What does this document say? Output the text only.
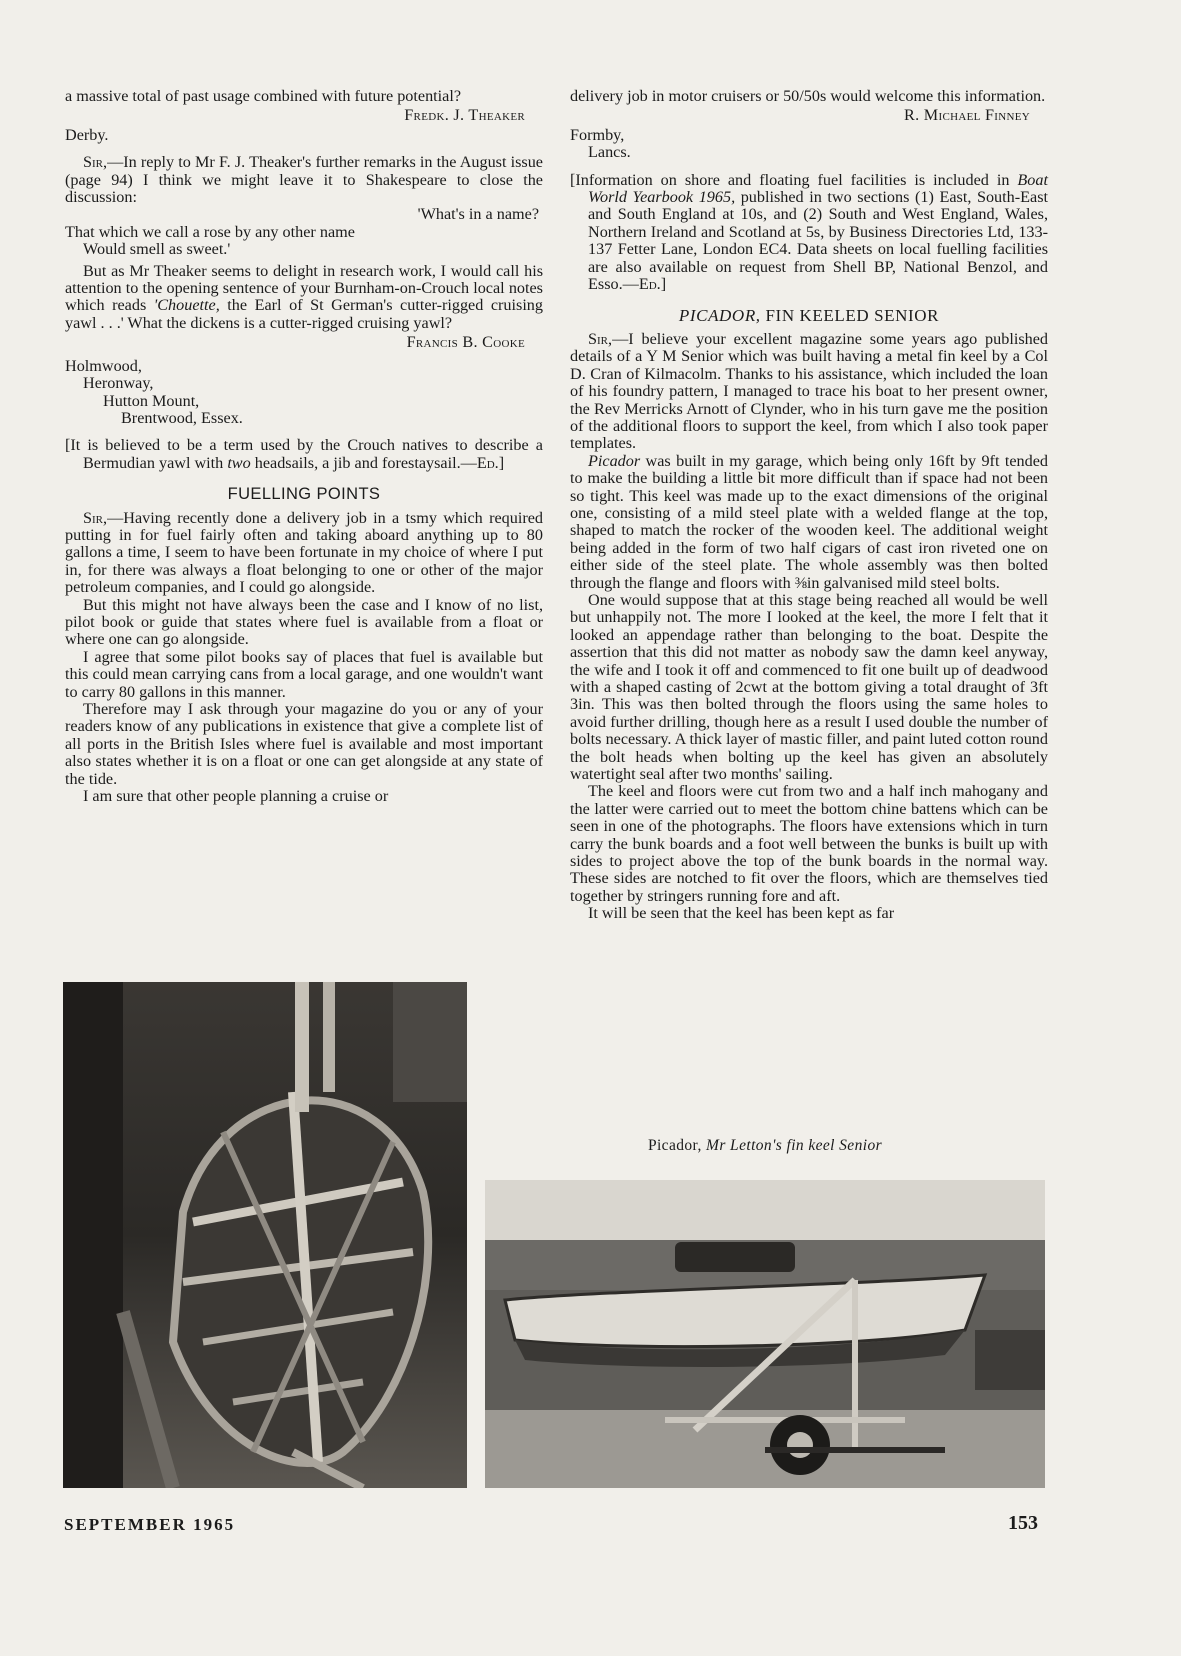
a massive total of past usage combined with future potential?

Fredk. J. Theaker
Derby.

Sir,—In reply to Mr F. J. Theaker's further remarks in the August issue (page 94) I think we might leave it to Shakespeare to close the discussion:

'What's in a name?
That which we call a rose by any other name
Would smell as sweet.'

But as Mr Theaker seems to delight in research work, I would call his attention to the opening sentence of your Burnham-on-Crouch local notes which reads 'Chouette, the Earl of St German's cutter-rigged cruising yawl . . .' What the dickens is a cutter-rigged cruising yawl?

Francis B. Cooke
Holmwood,
Heronway,
Hutton Mount,
Brentwood, Essex.

[It is believed to be a term used by the Crouch natives to describe a Bermudian yawl with two headsails, a jib and forestaysail.—Ed.]

FUELLING POINTS

Sir,—Having recently done a delivery job in a tsmy which required putting in for fuel fairly often and taking aboard anything up to 80 gallons a time, I seem to have been fortunate in my choice of where I put in, for there was always a float belonging to one or other of the major petroleum companies, and I could go alongside.

But this might not have always been the case and I know of no list, pilot book or guide that states where fuel is available from a float or where one can go alongside.

I agree that some pilot books say of places that fuel is available but this could mean carrying cans from a local garage, and one wouldn't want to carry 80 gallons in this manner.

Therefore may I ask through your magazine do you or any of your readers know of any publications in existence that give a complete list of all ports in the British Isles where fuel is available and most important also states whether it is on a float or one can get alongside at any state of the tide.

I am sure that other people planning a cruise or

delivery job in motor cruisers or 50/50s would welcome this information.

R. Michael Finney
Formby,
Lancs.

[Information on shore and floating fuel facilities is included in Boat World Yearbook 1965, published in two sections (1) East, South-East and South England at 10s, and (2) South and West England, Wales, Northern Ireland and Scotland at 5s, by Business Directories Ltd, 133-137 Fetter Lane, London EC4. Data sheets on local fuelling facilities are also available on request from Shell BP, National Benzol, and Esso.—Ed.]

PICADOR, FIN KEELED SENIOR

Sir,—I believe your excellent magazine some years ago published details of a Y M Senior which was built having a metal fin keel by a Col D. Cran of Kilmacolm. Thanks to his assistance, which included the loan of his foundry pattern, I managed to trace his boat to her present owner, the Rev Merricks Arnott of Clynder, who in his turn gave me the position of the additional floors to support the keel, from which I also took paper templates.

Picador was built in my garage, which being only 16ft by 9ft tended to make the building a little bit more difficult than if space had not been so tight. This keel was made up to the exact dimensions of the original one, consisting of a mild steel plate with a welded flange at the top, shaped to match the rocker of the wooden keel. The additional weight being added in the form of two half cigars of cast iron riveted one on either side of the steel plate. The whole assembly was then bolted through the flange and floors with ⅜in galvanised mild steel bolts.

One would suppose that at this stage being reached all would be well but unhappily not. The more I looked at the keel, the more I felt that it looked an appendage rather than belonging to the boat. Despite the assertion that this did not matter as nobody saw the damn keel anyway, the wife and I took it off and commenced to fit one built up of deadwood with a shaped casting of 2cwt at the bottom giving a total draught of 3ft 3in. This was then bolted through the floors using the same holes to avoid further drilling, though here as a result I used double the number of bolts necessary. A thick layer of mastic filler, and paint luted cotton round the bolt heads when bolting up the keel has given an absolutely watertight seal after two months' sailing.

The keel and floors were cut from two and a half inch mahogany and the latter were carried out to meet the bottom chine battens which can be seen in one of the photographs. The floors have extensions which in turn carry the bunk boards and a foot well between the bunks is built up with sides to project above the top of the bunk boards in the normal way. These sides are notched to fit over the floors, which are themselves tied together by stringers running fore and aft.

It will be seen that the keel has been kept as far

Picador, Mr Letton's fin keel Senior
SEPTEMBER 1965	153
